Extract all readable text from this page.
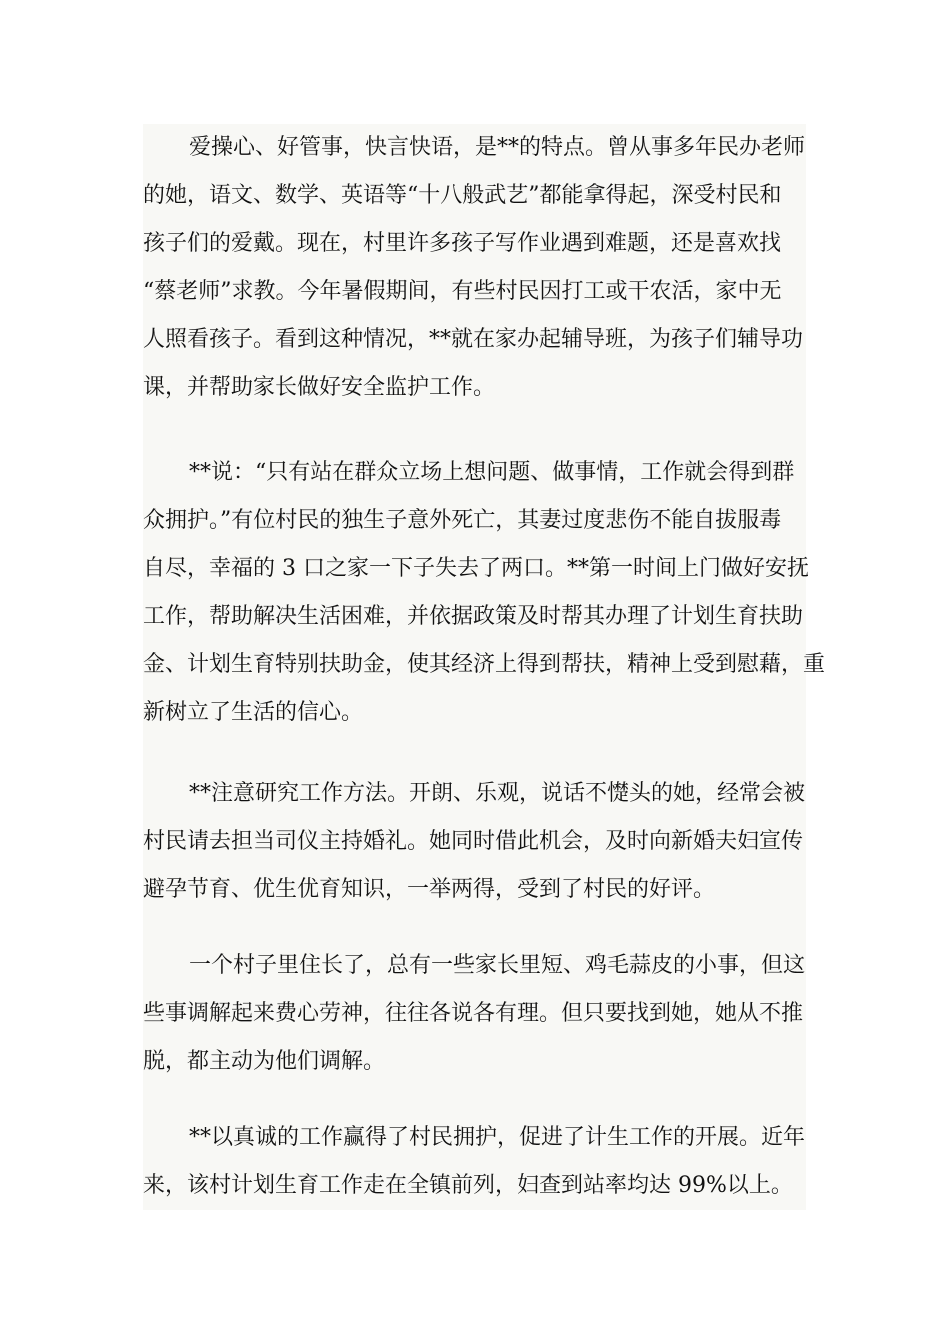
爱操心、好管事，快言快语，是**的特点。曾从事多年民办老师
的她，语文、数学、英语等“十八般武艺”都能拿得起，深受村民和
孩子们的爱戴。现在，村里许多孩子写作业遇到难题，还是喜欢找
“蔡老师”求教。今年暑假期间，有些村民因打工或干农活，家中无
人照看孩子。看到这种情况，**就在家办起辅导班，为孩子们辅导功
课，并帮助家长做好安全监护工作。
**说：“只有站在群众立场上想问题、做事情，工作就会得到群
众拥护。”有位村民的独生子意外死亡，其妻过度悲伤不能自拔服毒
自尽，幸福的 3 口之家一下子失去了两口。**第一时间上门做好安抚
工作，帮助解决生活困难，并依据政策及时帮其办理了计划生育扶助
金、计划生育特别扶助金，使其经济上得到帮扶，精神上受到慰藉，重
新树立了生活的信心。
**注意研究工作方法。开朗、乐观，说话不憷头的她，经常会被
村民请去担当司仪主持婚礼。她同时借此机会，及时向新婚夫妇宣传
避孕节育、优生优育知识，一举两得，受到了村民的好评。
一个村子里住长了，总有一些家长里短、鸡毛蒜皮的小事，但这
些事调解起来费心劳神，往往各说各有理。但只要找到她，她从不推
脱，都主动为他们调解。
**以真诚的工作赢得了村民拥护，促进了计生工作的开展。近年
来，该村计划生育工作走在全镇前列，妇查到站率均达 99%以上。
